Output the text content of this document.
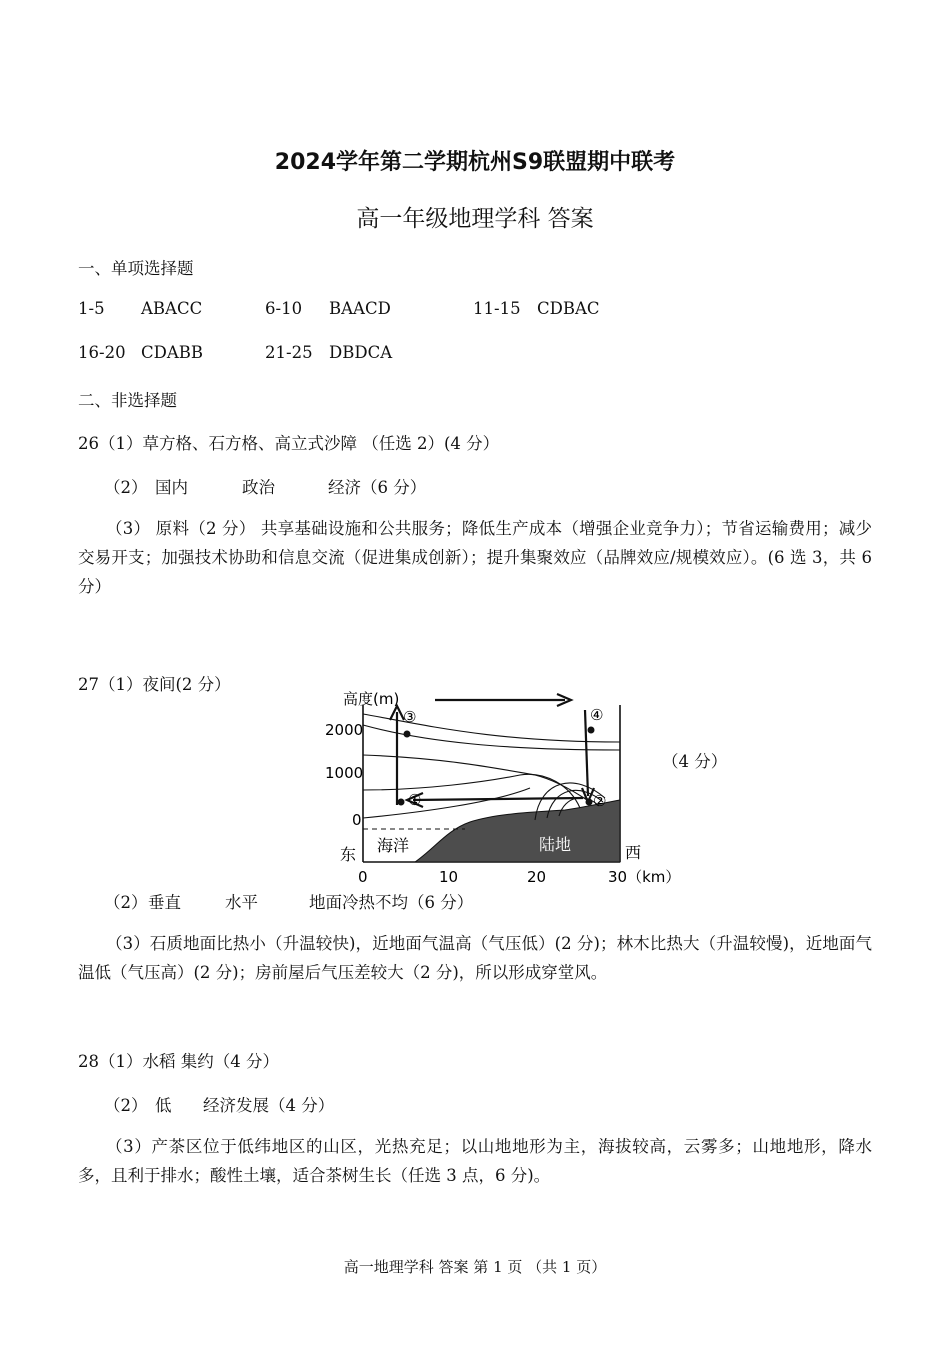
2024学年第二学期杭州S9联盟期中联考
高一年级地理学科 答案
一、单项选择题
1-5 ABACC	6-10 BAACD	11-15 CDBAC
16-20 CDABB	21-25 DBDCA
二、非选择题
26（1）草方格、石方格、高立式沙障 （任选 2）(4 分）
（2） 国内	政治	经济（6 分）
（3） 原料（2 分） 共享基础设施和公共服务；降低生产成本（增强企业竞争力）；节省运输费用；减少交易开支；加强技术协助和信息交流（促进集成创新）；提升集聚效应（品牌效应/规模效应）。(6 选 3，共 6 分）
27（1）夜间(2 分）
高度(m)
2000
1000
0
③	④
①	②
海洋	陆地
东	西
0	10	20	30（km）
（4 分）
（2） 垂直	水平	地面冷热不均（6 分）
（3）石质地面比热小（升温较快)，近地面气温高（气压低）(2 分)；林木比热大（升温较慢)，近地面气温低（气压高）(2 分)；房前屋后气压差较大（2 分)，所以形成穿堂风。
28（1）水稻 集约（4 分）
（2） 低 经济发展（4 分）
（3）产茶区位于低纬地区的山区，光热充足；以山地地形为主，海拔较高，云雾多；山地地形，降水多，且利于排水；酸性土壤，适合茶树生长（任选 3 点，6 分)。
高一地理学科 答案 第 1 页 （共 1 页）
